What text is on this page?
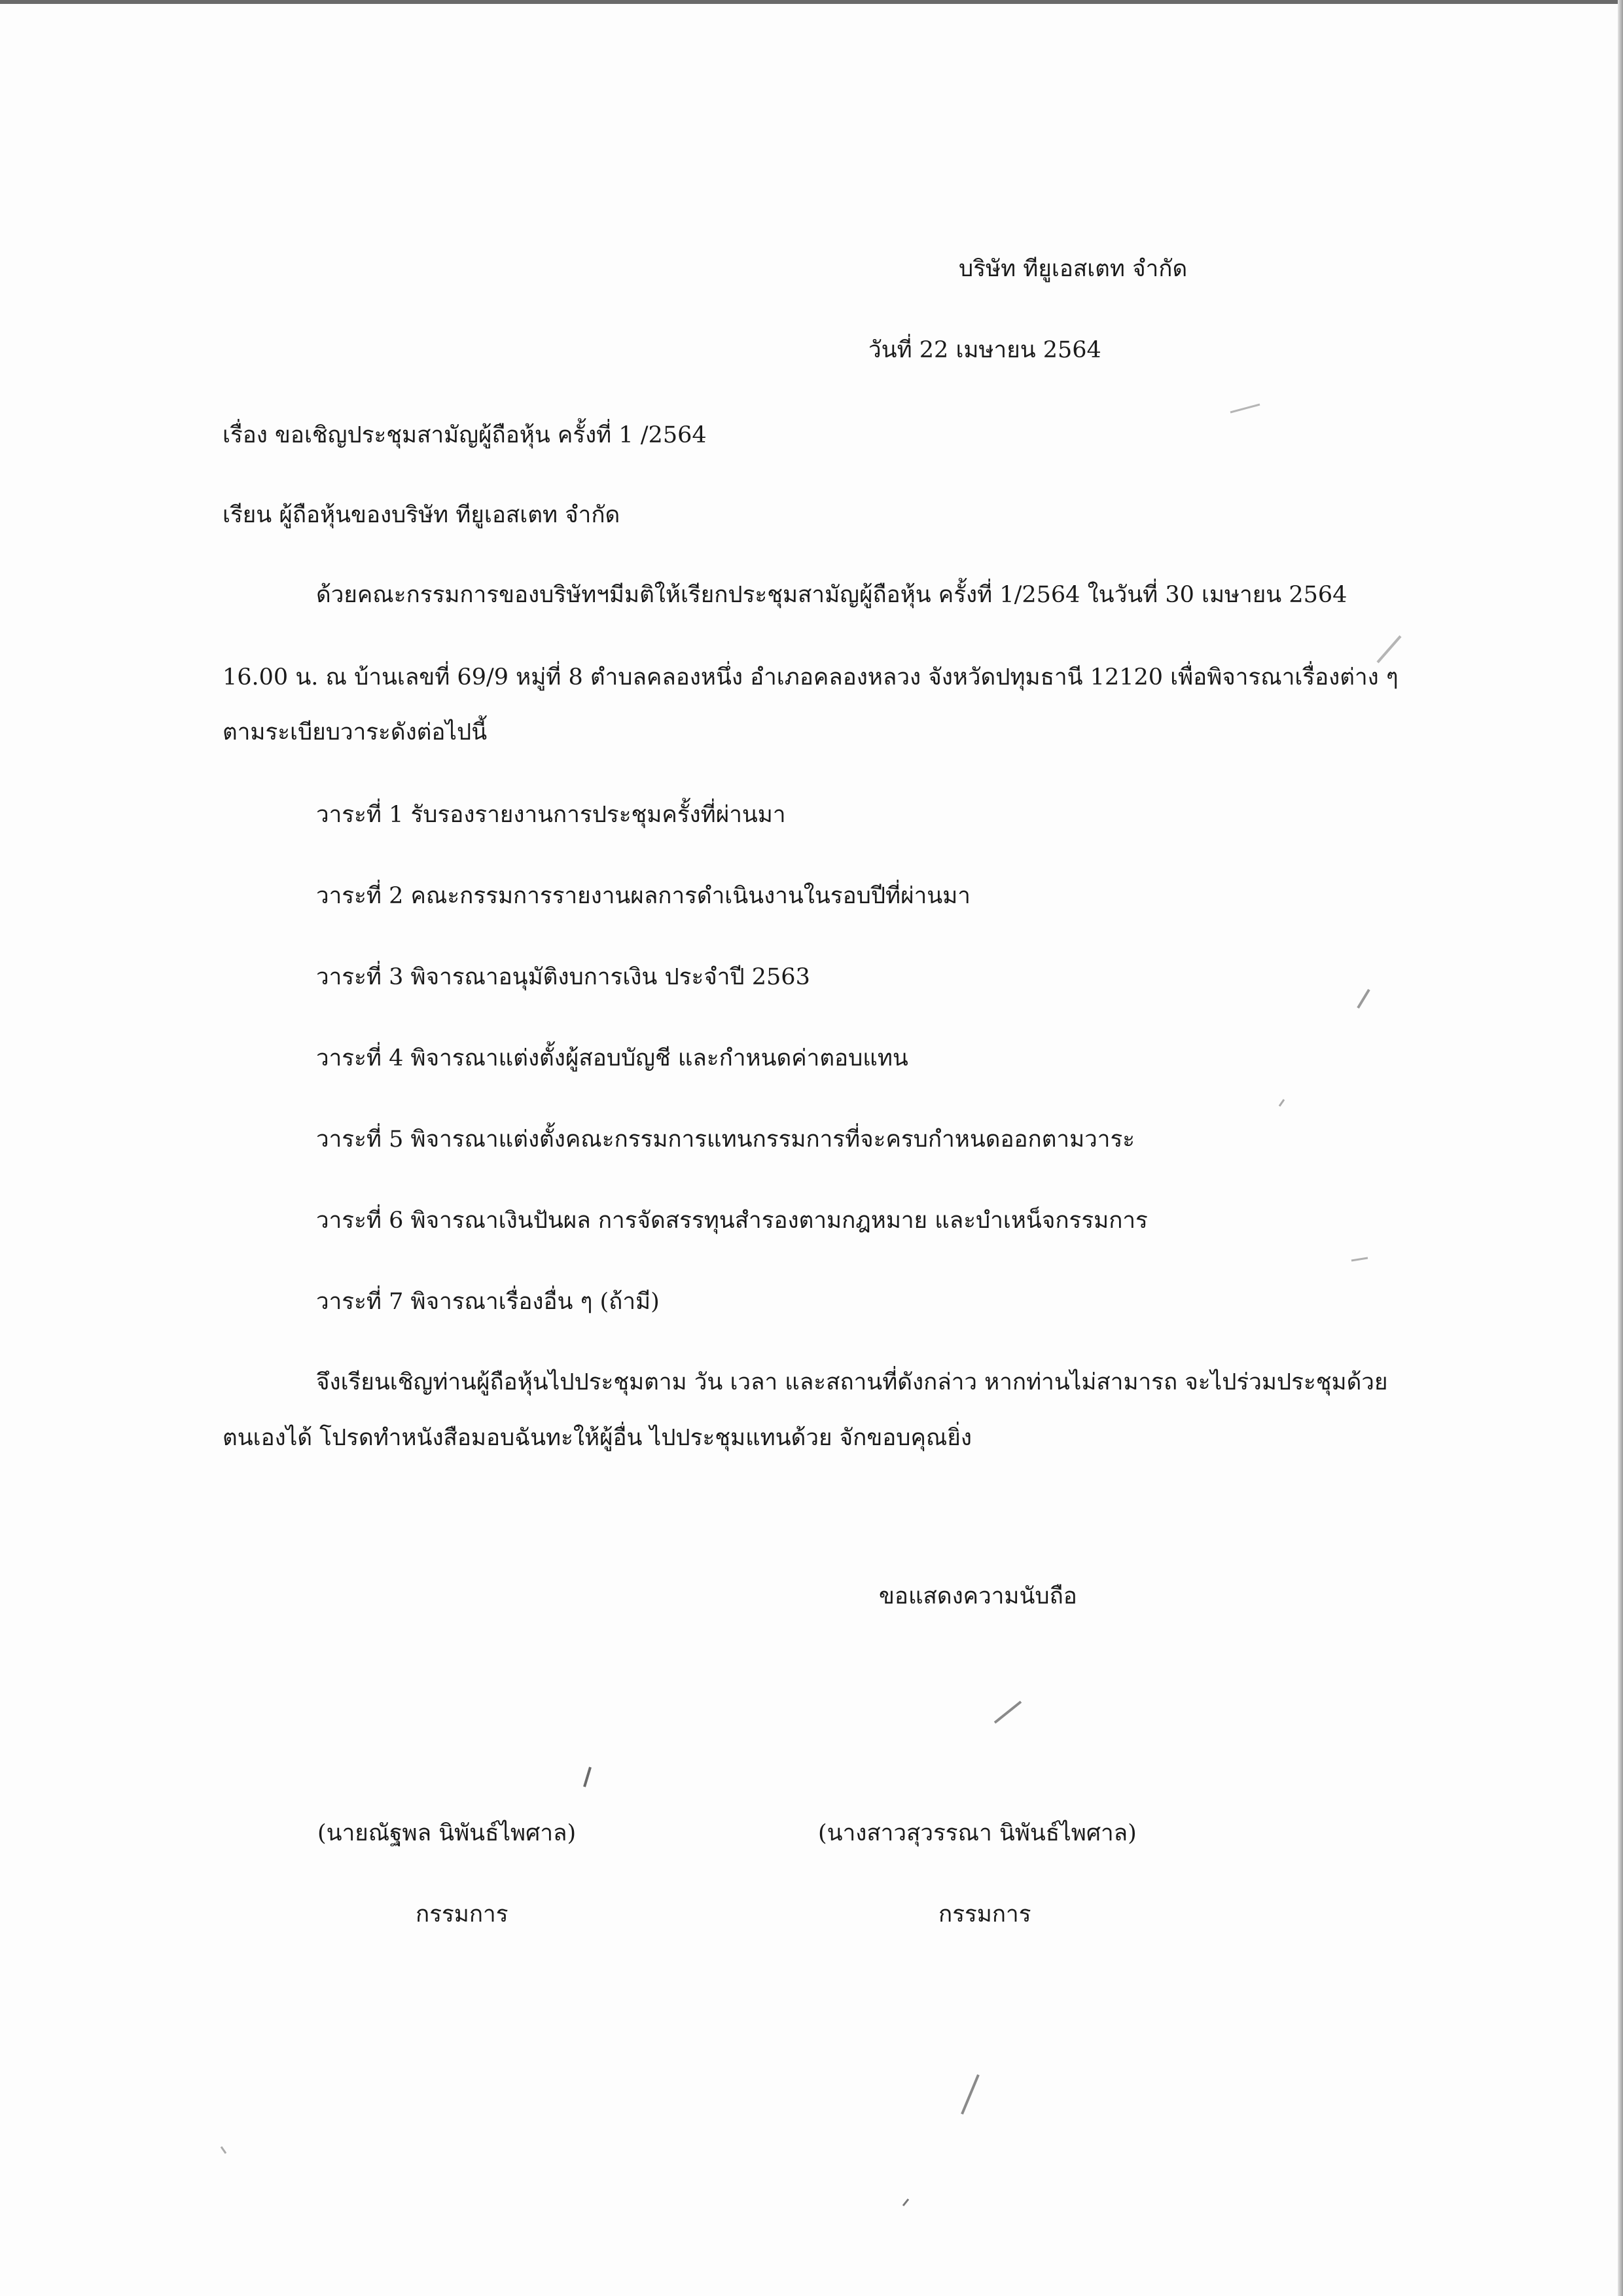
บริษัท ทียูเอสเตท จำกัด
วันที่ 22 เมษายน 2564
เรื่อง ขอเชิญประชุมสามัญผู้ถือหุ้น ครั้งที่ 1 /2564
เรียน ผู้ถือหุ้นของบริษัท ทียูเอสเตท จำกัด
ด้วยคณะกรรมการของบริษัทฯมีมติให้เรียกประชุมสามัญผู้ถือหุ้น ครั้งที่ 1/2564 ในวันที่ 30 เมษายน 2564
16.00 น. ณ บ้านเลขที่ 69/9 หมู่ที่ 8 ตำบลคลองหนึ่ง อำเภอคลองหลวง จังหวัดปทุมธานี 12120 เพื่อพิจารณาเรื่องต่าง ๆ
ตามระเบียบวาระดังต่อไปนี้
วาระที่ 1 รับรองรายงานการประชุมครั้งที่ผ่านมา
วาระที่ 2 คณะกรรมการรายงานผลการดำเนินงานในรอบปีที่ผ่านมา
วาระที่ 3 พิจารณาอนุมัติงบการเงิน ประจำปี 2563
วาระที่ 4 พิจารณาแต่งตั้งผู้สอบบัญชี และกำหนดค่าตอบแทน
วาระที่ 5 พิจารณาแต่งตั้งคณะกรรมการแทนกรรมการที่จะครบกำหนดออกตามวาระ
วาระที่ 6 พิจารณาเงินปันผล การจัดสรรทุนสำรองตามกฎหมาย และบำเหน็จกรรมการ
วาระที่ 7 พิจารณาเรื่องอื่น ๆ (ถ้ามี)
จึงเรียนเชิญท่านผู้ถือหุ้นไปประชุมตาม วัน เวลา และสถานที่ดังกล่าว หากท่านไม่สามารถ จะไปร่วมประชุมด้วย
ตนเองได้ โปรดทำหนังสือมอบฉันทะให้ผู้อื่น ไปประชุมแทนด้วย จักขอบคุณยิ่ง
ขอแสดงความนับถือ
(นายณัฐพล นิพันธ์ไพศาล)
กรรมการ
(นางสาวสุวรรณา นิพันธ์ไพศาล)
กรรมการ
